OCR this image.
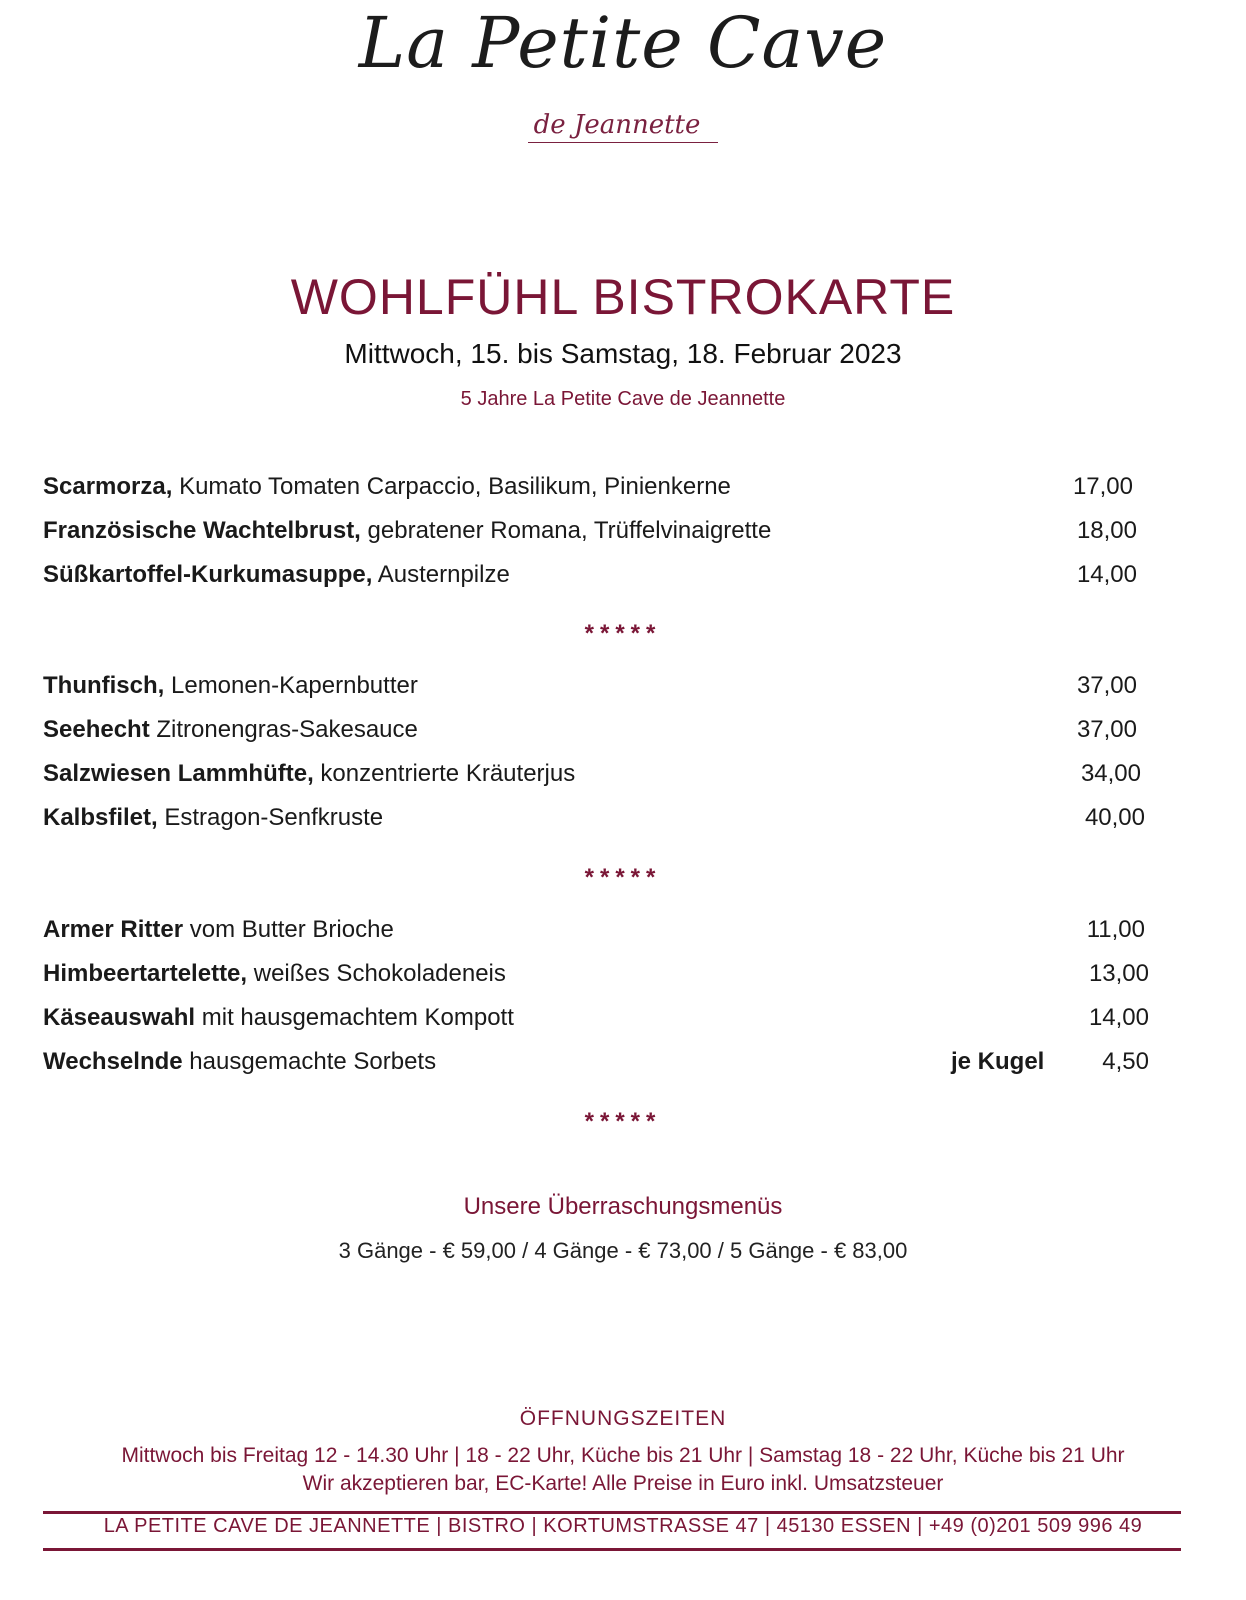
La Petite Cave
de Jeannette
WOHLFÜHL BISTROKARTE
Mittwoch, 15. bis Samstag, 18. Februar 2023
5 Jahre La Petite Cave de Jeannette
Scarmorza, Kumato Tomaten Carpaccio, Basilikum, Pinienkerne	17,00
Französische Wachtelbrust, gebratener Romana, Trüffelvinaigrette	18,00
Süßkartoffel-Kurkumasuppe, Austernpilze	14,00
*****
Thunfisch, Lemonen-Kapernbutter	37,00
Seehecht Zitronengras-Sakesauce	37,00
Salzwiesen Lammhüfte, konzentrierte Kräuterjus	34,00
Kalbsfilet, Estragon-Senfkruste	40,00
*****
Armer Ritter vom Butter Brioche	11,00
Himbeertartelette, weißes Schokoladeneis	13,00
Käseauswahl mit hausgemachtem Kompott	14,00
Wechselnde hausgemachte Sorbets	je Kugel	4,50
*****
Unsere Überraschungsmenüs
3 Gänge - € 59,00 / 4 Gänge - € 73,00 / 5 Gänge - € 83,00
ÖFFNUNGSZEITEN
Mittwoch bis Freitag 12 - 14.30 Uhr | 18 - 22 Uhr, Küche bis 21 Uhr | Samstag 18 - 22 Uhr, Küche bis 21 Uhr
Wir akzeptieren bar, EC-Karte! Alle Preise in Euro inkl. Umsatzsteuer
LA PETITE CAVE DE JEANNETTE | BISTRO | KORTUMSTRASSE 47 | 45130 ESSEN | +49 (0)201 509 996 49
